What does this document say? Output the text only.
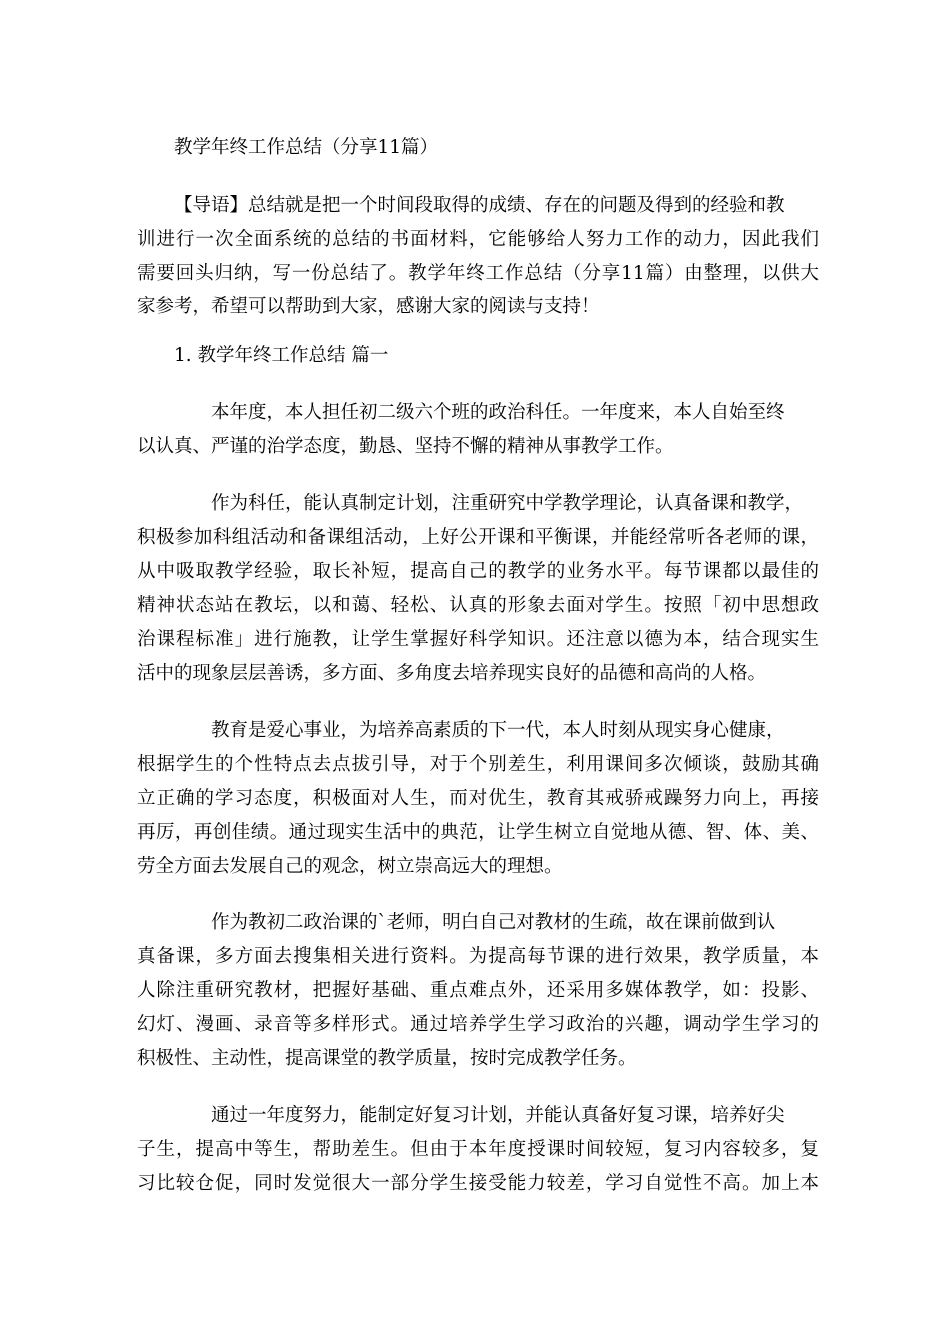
教学年终工作总结（分享11篇）
【导语】总结就是把一个时间段取得的成绩、存在的问题及得到的经验和教
训进行一次全面系统的总结的书面材料，它能够给人努力工作的动力，因此我们
需要回头归纳，写一份总结了。教学年终工作总结（分享11篇）由整理，以供大
家参考，希望可以帮助到大家，感谢大家的阅读与支持！
1. 教学年终工作总结 篇一
本年度，本人担任初二级六个班的政治科任。一年度来，本人自始至终
以认真、严谨的治学态度，勤恳、坚持不懈的精神从事教学工作。
作为科任，能认真制定计划，注重研究中学教学理论，认真备课和教学，
积极参加科组活动和备课组活动，上好公开课和平衡课，并能经常听各老师的课，
从中吸取教学经验，取长补短，提高自己的教学的业务水平。每节课都以最佳的
精神状态站在教坛，以和蔼、轻松、认真的形象去面对学生。按照「初中思想政
治课程标准」进行施教，让学生掌握好科学知识。还注意以德为本，结合现实生
活中的现象层层善诱，多方面、多角度去培养现实良好的品德和高尚的人格。
教育是爱心事业，为培养高素质的下一代，本人时刻从现实身心健康，
根据学生的个性特点去点拔引导，对于个别差生，利用课间多次倾谈，鼓励其确
立正确的学习态度，积极面对人生，而对优生，教育其戒骄戒躁努力向上，再接
再厉，再创佳绩。通过现实生活中的典范，让学生树立自觉地从德、智、体、美、
劳全方面去发展自己的观念，树立崇高远大的理想。
作为教初二政治课的`老师，明白自己对教材的生疏，故在课前做到认
真备课，多方面去搜集相关进行资料。为提高每节课的进行效果，教学质量，本
人除注重研究教材，把握好基础、重点难点外，还采用多媒体教学，如：投影、
幻灯、漫画、录音等多样形式。通过培养学生学习政治的兴趣，调动学生学习的
积极性、主动性，提高课堂的教学质量，按时完成教学任务。
通过一年度努力，能制定好复习计划，并能认真备好复习课，培养好尖
子生，提高中等生，帮助差生。但由于本年度授课时间较短，复习内容较多，复
习比较仓促，同时发觉很大一部分学生接受能力较差，学习自觉性不高。加上本
